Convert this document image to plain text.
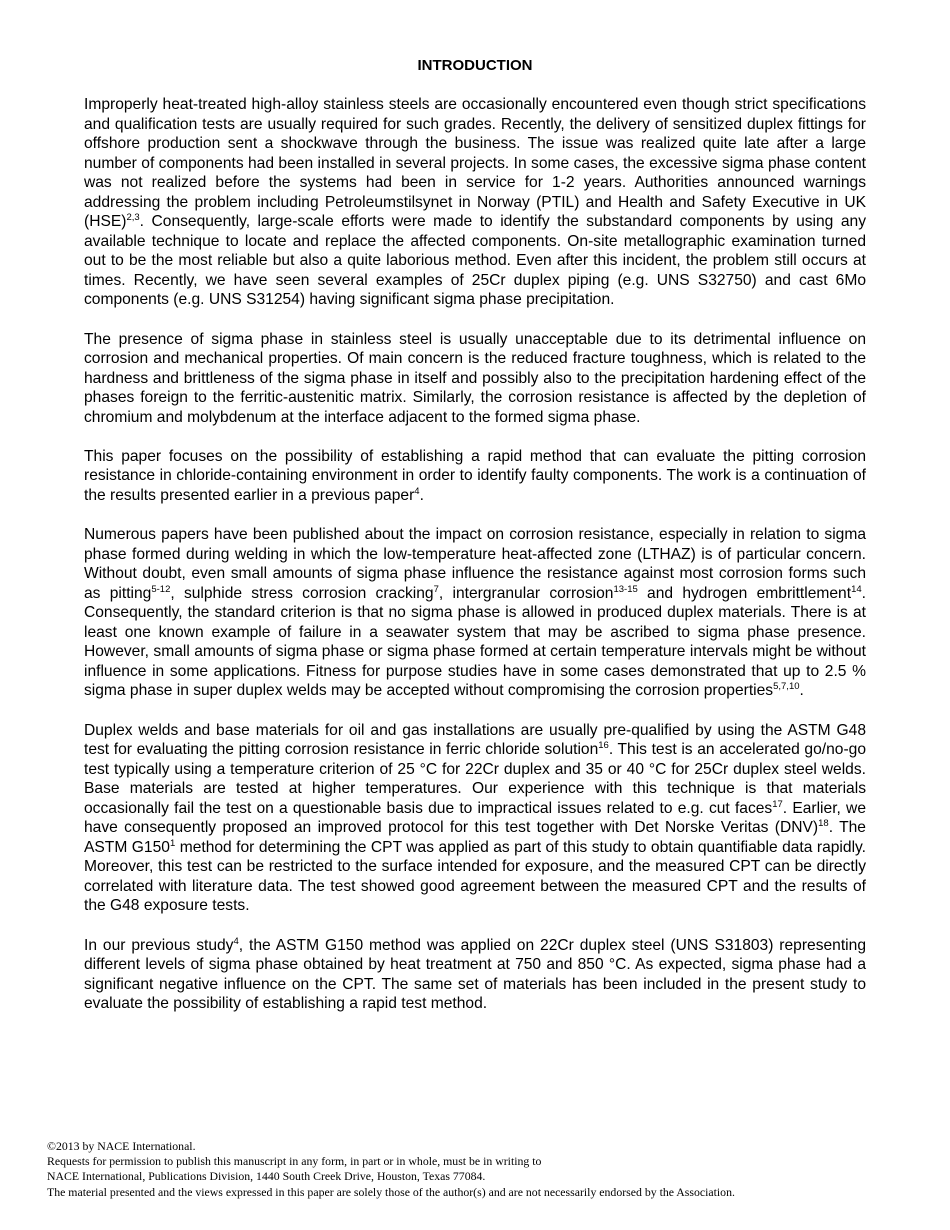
INTRODUCTION

Improperly heat-treated high-alloy stainless steels are occasionally encountered even though strict specifications and qualification tests are usually required for such grades. Recently, the delivery of sensitized duplex fittings for offshore production sent a shockwave through the business. The issue was realized quite late after a large number of components had been installed in several projects. In some cases, the excessive sigma phase content was not realized before the systems had been in service for 1-2 years. Authorities announced warnings addressing the problem including Petroleumstilsynet in Norway (PTIL) and Health and Safety Executive in UK (HSE)$^{2,3}$. Consequently, large-scale efforts were made to identify the substandard components by using any available technique to locate and replace the affected components. On-site metallographic examination turned out to be the most reliable but also a quite laborious method. Even after this incident, the problem still occurs at times. Recently, we have seen several examples of 25Cr duplex piping (e.g. UNS S32750) and cast 6Mo components (e.g. UNS S31254) having significant sigma phase precipitation.

The presence of sigma phase in stainless steel is usually unacceptable due to its detrimental influence on corrosion and mechanical properties. Of main concern is the reduced fracture toughness, which is related to the hardness and brittleness of the sigma phase in itself and possibly also to the precipitation hardening effect of the phases foreign to the ferritic-austenitic matrix. Similarly, the corrosion resistance is affected by the depletion of chromium and molybdenum at the interface adjacent to the formed sigma phase.

This paper focuses on the possibility of establishing a rapid method that can evaluate the pitting corrosion resistance in chloride-containing environment in order to identify faulty components. The work is a continuation of the results presented earlier in a previous paper$^4$.

Numerous papers have been published about the impact on corrosion resistance, especially in relation to sigma phase formed during welding in which the low-temperature heat-affected zone (LTHAZ) is of particular concern. Without doubt, even small amounts of sigma phase influence the resistance against most corrosion forms such as pitting$^{5-12}$, sulphide stress corrosion cracking$^7$, intergranular corrosion$^{13-15}$ and hydrogen embrittlement$^{14}$. Consequently, the standard criterion is that no sigma phase is allowed in produced duplex materials. There is at least one known example of failure in a seawater system that may be ascribed to sigma phase presence. However, small amounts of sigma phase or sigma phase formed at certain temperature intervals might be without influence in some applications. Fitness for purpose studies have in some cases demonstrated that up to 2.5 % sigma phase in super duplex welds may be accepted without compromising the corrosion properties$^{5,7,10}$.

Duplex welds and base materials for oil and gas installations are usually pre-qualified by using the ASTM G48 test for evaluating the pitting corrosion resistance in ferric chloride solution$^{16}$. This test is an accelerated go/no-go test typically using a temperature criterion of 25 °C for 22Cr duplex and 35 or 40 °C for 25Cr duplex steel welds. Base materials are tested at higher temperatures. Our experience with this technique is that materials occasionally fail the test on a questionable basis due to impractical issues related to e.g. cut faces$^{17}$. Earlier, we have consequently proposed an improved protocol for this test together with Det Norske Veritas (DNV)$^{18}$. The ASTM $G150^1$ method for determining the CPT was applied as part of this study to obtain quantifiable data rapidly. Moreover, this test can be restricted to the surface intended for exposure, and the measured CPT can be directly correlated with literature data. The test showed good agreement between the measured CPT and the results of the G48 exposure tests.

In our previous study$^4$, the ASTM G150 method was applied on 22Cr duplex steel (UNS S31803) representing different levels of sigma phase obtained by heat treatment at 750 and 850 °C. As expected, sigma phase had a significant negative influence on the CPT. The same set of materials has been included in the present study to evaluate the possibility of establishing a rapid test method.

©2013 by NACE International.
Requests for permission to publish this manuscript in any form, in part or in whole, must be in writing to
NACE International, Publications Division, 1440 South Creek Drive, Houston, Texas 77084.
The material presented and the views expressed in this paper are solely those of the author(s) and are not necessarily endorsed by the Association.
